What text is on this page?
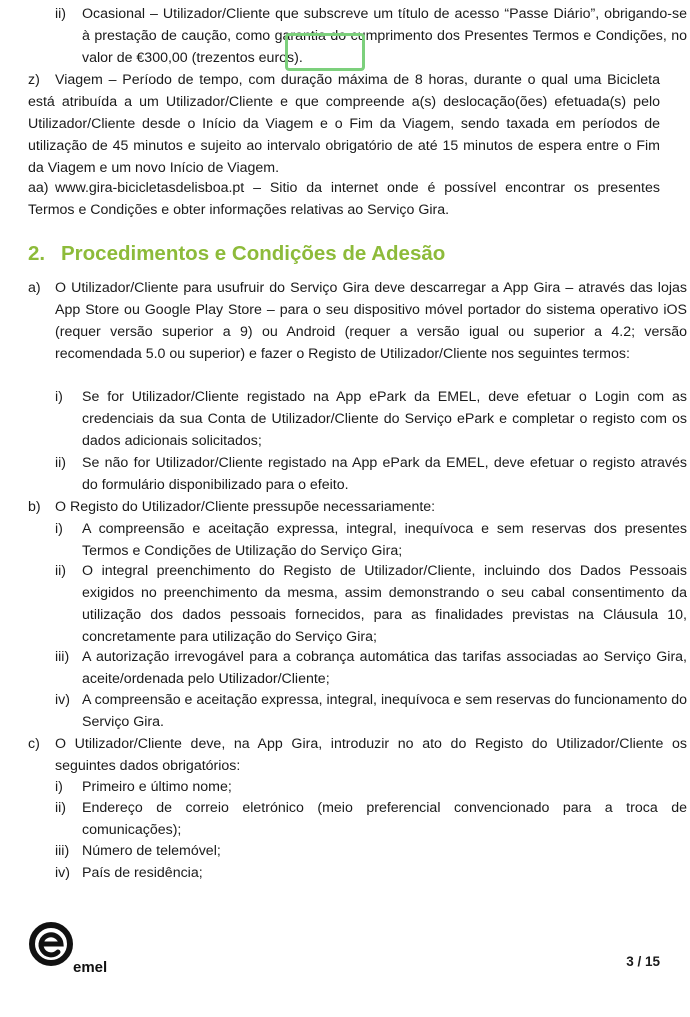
ii) Ocasional – Utilizador/Cliente que subscreve um título de acesso “Passe Diário”, obrigando-se à prestação de caução, como garantia do cumprimento dos Presentes Termos e Condições, no valor de €300,00 (trezentos euros).
z)	Viagem – Período de tempo, com duração máxima de 8 horas, durante o qual uma Bicicleta está atribuída a um Utilizador/Cliente e que compreende a(s) deslocação(ões) efetuada(s) pelo Utilizador/Cliente desde o Início da Viagem e o Fim da Viagem, sendo taxada em períodos de utilização de 45 minutos e sujeito ao intervalo obrigatório de até 15 minutos de espera entre o Fim da Viagem e um novo Início de Viagem.
aa) www.gira-bicicletasdelisboa.pt – Sitio da internet onde é possível encontrar os presentes Termos e Condições e obter informações relativas ao Serviço Gira.
2. Procedimentos e Condições de Adesão
a) O Utilizador/Cliente para usufruir do Serviço Gira deve descarregar a App Gira – através das lojas App Store ou Google Play Store – para o seu dispositivo móvel portador do sistema operativo iOS (requer versão superior a 9) ou Android (requer a versão igual ou superior a 4.2; versão recomendada 5.0 ou superior) e fazer o Registo de Utilizador/Cliente nos seguintes termos:
i) Se for Utilizador/Cliente registado na App ePark da EMEL, deve efetuar o Login com as credenciais da sua Conta de Utilizador/Cliente do Serviço ePark e completar o registo com os dados adicionais solicitados;
ii) Se não for Utilizador/Cliente registado na App ePark da EMEL, deve efetuar o registo através do formulário disponibilizado para o efeito.
b) O Registo do Utilizador/Cliente pressupõe necessariamente:
i) A compreensão e aceitação expressa, integral, inequívoca e sem reservas dos presentes Termos e Condições de Utilização do Serviço Gira;
ii) O integral preenchimento do Registo de Utilizador/Cliente, incluindo dos Dados Pessoais exigidos no preenchimento da mesma, assim demonstrando o seu cabal consentimento da utilização dos dados pessoais fornecidos, para as finalidades previstas na Cláusula 10, concretamente para utilização do Serviço Gira;
iii) A autorização irrevogável para a cobrança automática das tarifas associadas ao Serviço Gira, aceite/ordenada pelo Utilizador/Cliente;
iv) A compreensão e aceitação expressa, integral, inequívoca e sem reservas do funcionamento do Serviço Gira.
c) O Utilizador/Cliente deve, na App Gira, introduzir no ato do Registo do Utilizador/Cliente os seguintes dados obrigatórios:
i) Primeiro e último nome;
ii) Endereço de correio eletrónico (meio preferencial convencionado para a troca de comunicações);
iii) Número de telemóvel;
iv) País de residência;
emel	3 / 15
